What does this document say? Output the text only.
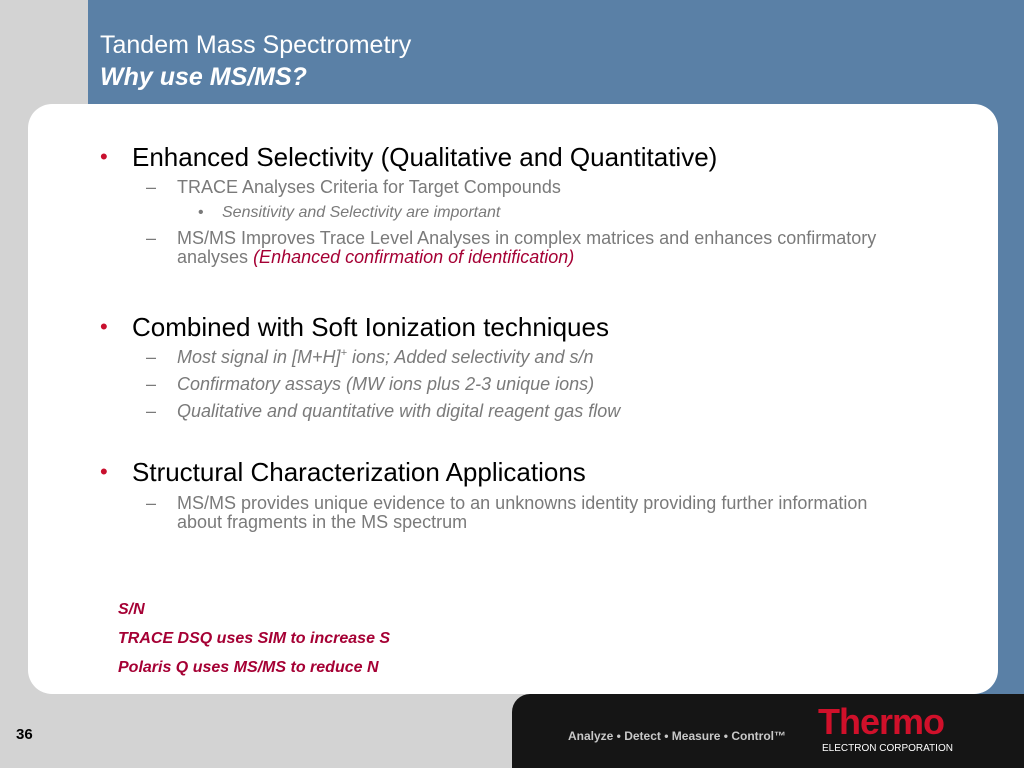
Tandem Mass Spectrometry
Why use MS/MS?
• Enhanced Selectivity (Qualitative and Quantitative)
– TRACE Analyses Criteria for Target Compounds
• Sensitivity and Selectivity are important
– MS/MS Improves Trace Level Analyses in complex matrices and enhances confirmatory analyses (Enhanced confirmation of identification)
• Combined with Soft Ionization techniques
– Most signal in [M+H]+ ions; Added selectivity and s/n
– Confirmatory assays (MW ions plus 2-3 unique ions)
– Qualitative and quantitative with digital reagent gas flow
• Structural Characterization Applications
– MS/MS provides unique evidence to an unknowns identity providing further information about fragments in the MS spectrum

S/N

TRACE DSQ uses SIM to increase S

Polaris Q uses MS/MS to reduce N

36	Analyze • Detect • Measure • Control™ Thermo
ELECTRON CORPORATION
